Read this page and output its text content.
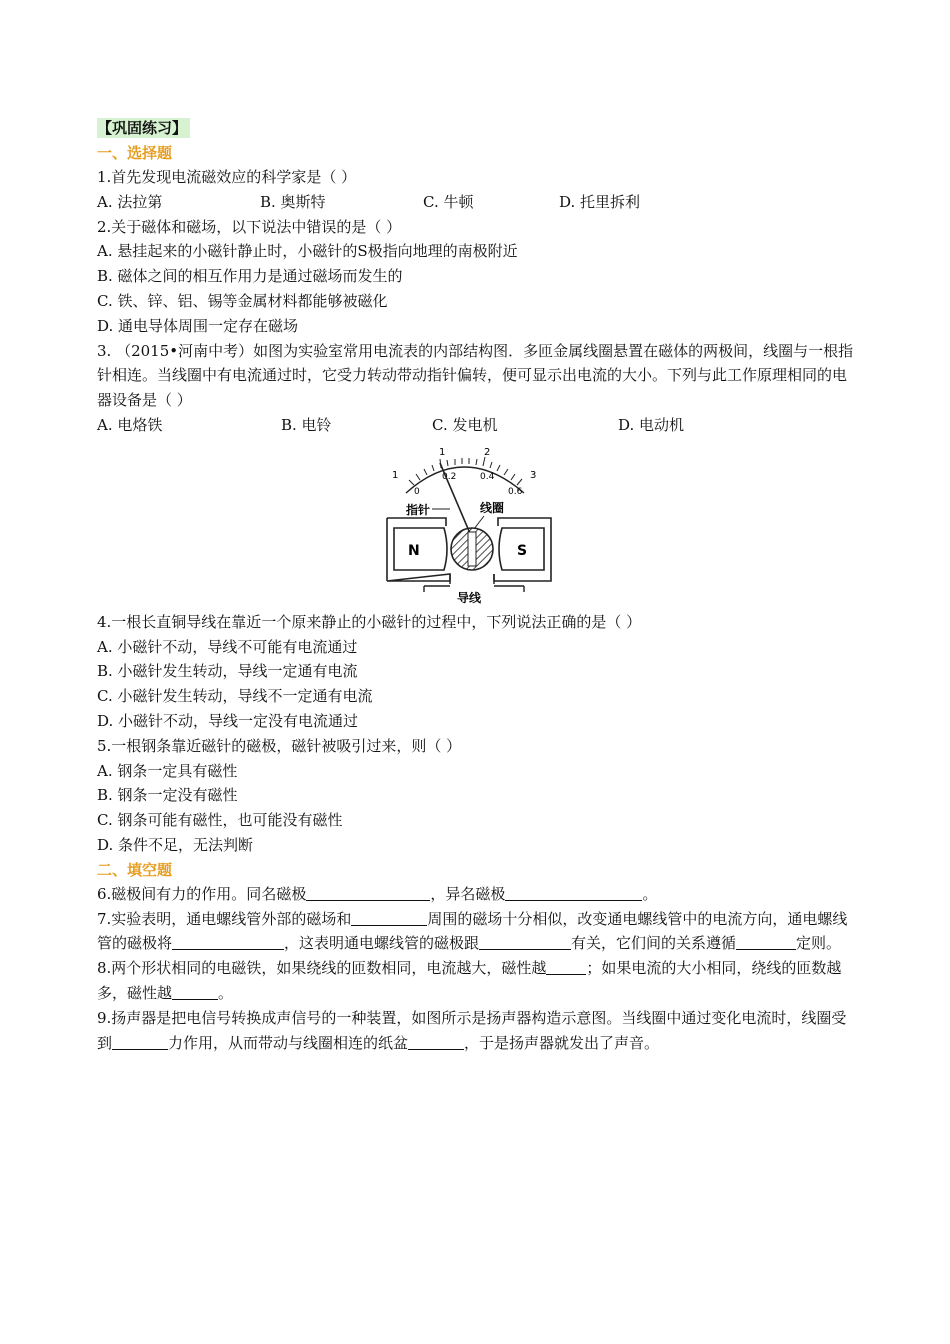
【巩固练习】
一、选择题
1.首先发现电流磁效应的科学家是（ ）
A. 法拉第	B. 奥斯特	C. 牛顿	D. 托里拆利
2.关于磁体和磁场，以下说法中错误的是（ ）
A. 悬挂起来的小磁针静止时，小磁针的S极指向地理的南极附近
B. 磁体之间的相互作用力是通过磁场而发生的
C. 铁、锌、铝、锡等金属材料都能够被磁化
D. 通电导体周围一定存在磁场
3. （2015•河南中考）如图为实验室常用电流表的内部结构图．多匝金属线圈悬置在磁体的两极间，线圈与一根指针相连。当线圈中有电流通过时，它受力转动带动指针偏转，便可显示出电流的大小。下列与此工作原理相同的电器设备是（ ）
A. 电烙铁	B. 电铃	C. 发电机	D. 电动机
1
1	2
3
0
0.2	0.4
0.6
指针	线圈
N	S
导线
4.一根长直铜导线在靠近一个原来静止的小磁针的过程中，下列说法正确的是（ ）
A. 小磁针不动，导线不可能有电流通过
B. 小磁针发生转动，导线一定通有电流
C. 小磁针发生转动，导线不一定通有电流
D. 小磁针不动，导线一定没有电流通过
5.一根钢条靠近磁针的磁极，磁针被吸引过来，则（ ）
A. 钢条一定具有磁性
B. 钢条一定没有磁性
C. 钢条可能有磁性，也可能没有磁性
D. 条件不足，无法判断
二、填空题
6.磁极间有力的作用。同名磁极	，异名磁极	。
7.实验表明，通电螺线管外部的磁场和	周围的磁场十分相似，改变通电螺线管中的电流方向，通电螺线管的磁极将	，这表明通电螺线管的磁极跟	有关，它们间的关系遵循	定则。
8.两个形状相同的电磁铁，如果绕线的匝数相同，电流越大，磁性越	；如果电流的大小相同，绕线的匝数越多，磁性越	。
9.扬声器是把电信号转换成声信号的一种装置，如图所示是扬声器构造示意图。当线圈中通过变化电流时，线圈受到	力作用，从而带动与线圈相连的纸盆	，于是扬声器就发出了声音。
